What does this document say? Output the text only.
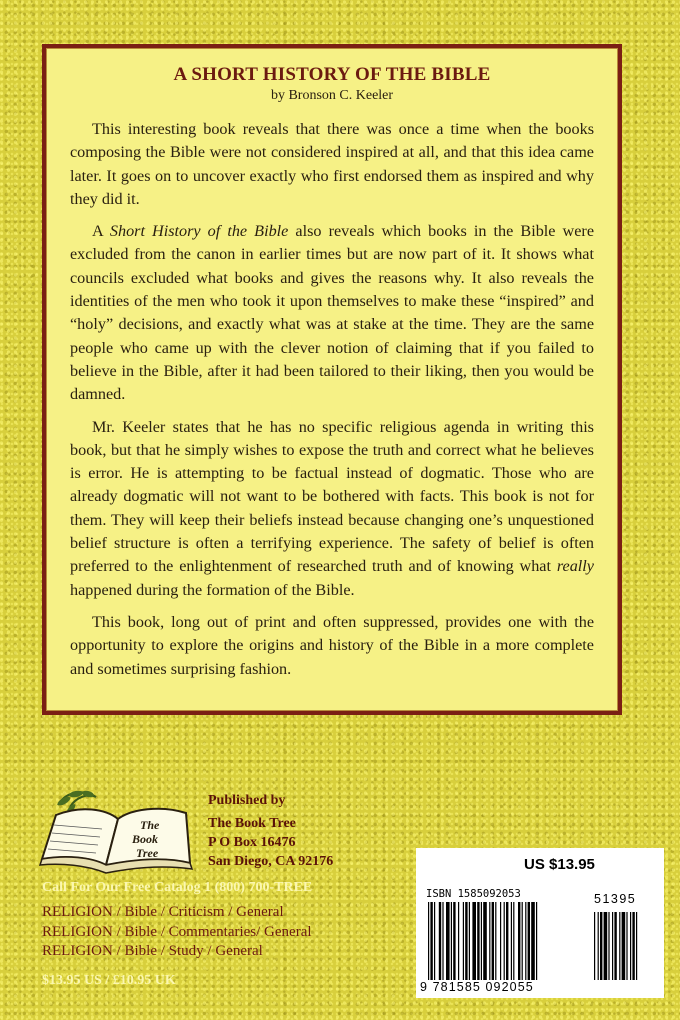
A SHORT HISTORY OF THE BIBLE
by Bronson C. Keeler

This interesting book reveals that there was once a time when the books composing the Bible were not considered inspired at all, and that this idea came later. It goes on to uncover exactly who first endorsed them as inspired and why they did it.

A Short History of the Bible also reveals which books in the Bible were excluded from the canon in earlier times but are now part of it. It shows what councils excluded what books and gives the reasons why. It also reveals the identities of the men who took it upon themselves to make these “inspired” and “holy” decisions, and exactly what was at stake at the time. They are the same people who came up with the clever notion of claiming that if you failed to believe in the Bible, after it had been tailored to their liking, then you would be damned.

Mr. Keeler states that he has no specific religious agenda in writing this book, but that he simply wishes to expose the truth and correct what he believes is error. He is attempting to be factual instead of dogmatic. Those who are already dogmatic will not want to be bothered with facts. This book is not for them. They will keep their beliefs instead because changing one’s unquestioned belief structure is often a terrifying experience. The safety of belief is often preferred to the enlightenment of researched truth and of knowing what really happened during the formation of the Bible.

This book, long out of print and often suppressed, provides one with the opportunity to explore the origins and history of the Bible in a more complete and sometimes surprising fashion.

The
Book
Tree
Published by
The Book Tree
P O Box 16476
San Diego, CA 92176
Call For Our Free Catalog 1 (800) 700-TREE
RELIGION / Bible / Criticism / General
RELIGION / Bible / Commentaries/ General
RELIGION / Bible / Study / General
$13.95 US / £10.95 UK
US $13.95
ISBN 1585092053	51395
9 781585 092055
